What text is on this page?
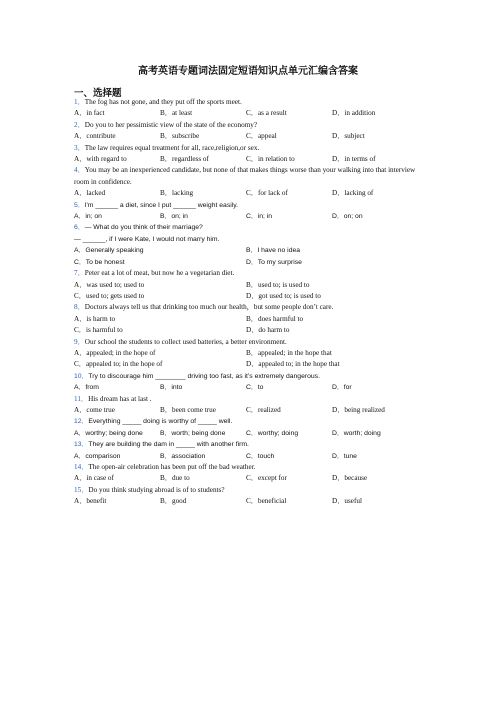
高考英语专题词法固定短语知识点单元汇编含答案
一、选择题
1．The fog has not gone, and they put off the sports meet.
A．in fact	B．at least	C．as a result	D．in addition
2．Do you to her pessimistic view of the state of the economy?
A．contribute	B．subscribe	C．appeal	D．subject
3．The law requires equal treatment for all, race,religion,or sex.
A．with regard to	B．regardless of	C．in relation to	D．in terms of
4．You may be an inexperienced candidate, but none of that makes things worse than your walking into that interview room in confidence.
A．lacked	B．lacking	C．for lack of	D．lacking of
5．I'm ______ a diet, since I put ______ weight easily.
A．in; on	B．on; in	C．in; in	D．on; on
6．— What do you think of their marriage?
— ______, if I were Kate, I would not marry him.
A．Generally speaking	B．I have no idea
C．To be honest	D．To my surprise
7．Peter eat a lot of meat, but now he a vegetarian diet.
A．was used to; used to	B．used to; is used to
C．used to; gets used to	D．got used to; is used to
8．Doctors always tell us that drinking too much our health，but some people don’t care.
A．is harm to	B．does harmful to
C．is harmful to	D．do harm to
9．Our school the students to collect used batteries, a better environment.
A．appealed; in the hope of	B．appealed; in the hope that
C．appealed to; in the hope of	D．appealed to; in the hope that
10．Try to discourage him ________ driving too fast, as it’s extremely dangerous.
A．from	B．into	C．to	D．for
11．His dream has at last .
A．come true	B．been come true	C．realized	D．being realized
12．Everything _____ doing is worthy of _____ well.
A．worthy; being done	B．worth; being done	C．worthy; doing	D．worth; doing
13．They are building the dam in _____ with another firm.
A．comparison	B．association	C．touch	D．tune
14．The open-air celebration has been put off the bad weather.
A．in case of	B．due to	C．except for	D．because
15．Do you think studying abroad is of to students?
A．benefit	B．good	C．beneficial	D．useful
